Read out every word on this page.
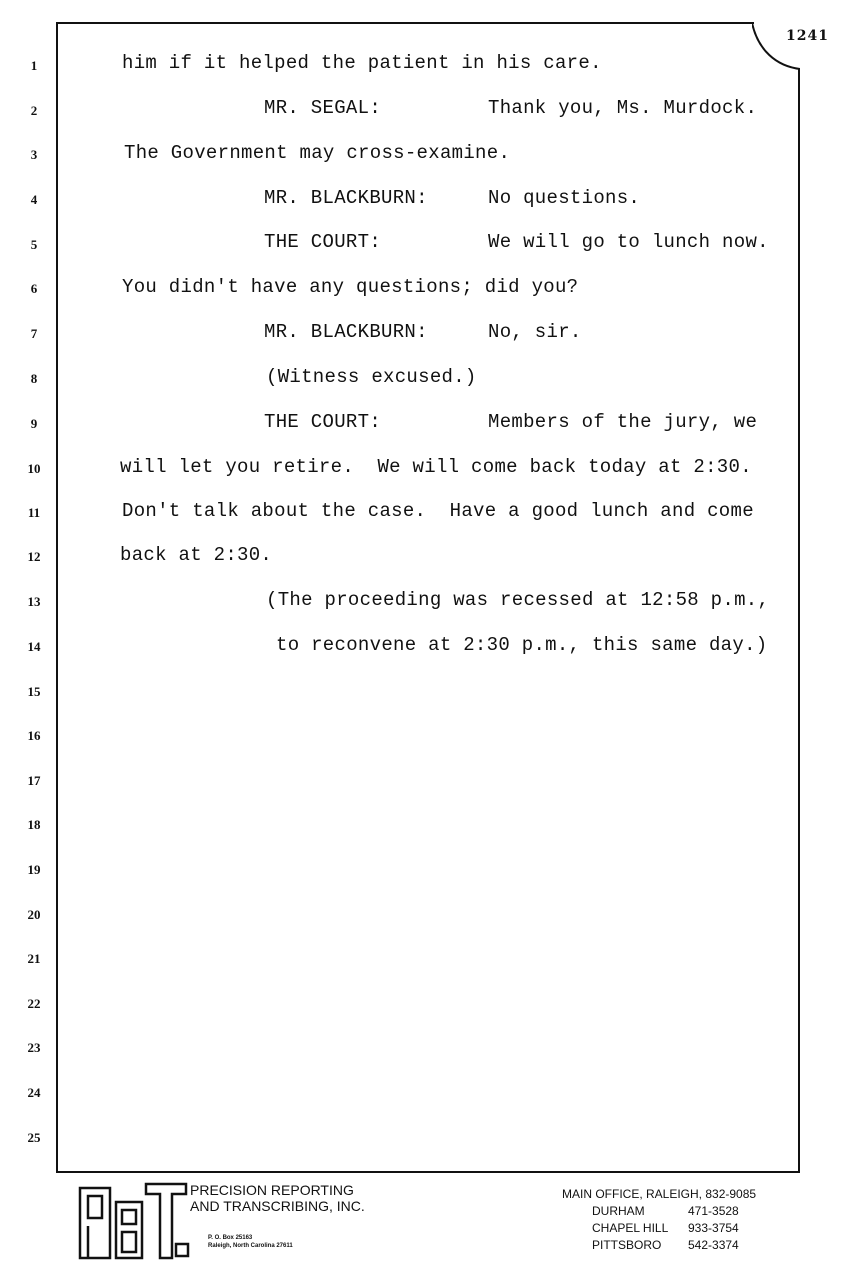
1241
1
2
3
4
5
6
7
8
9
10
11
12
13
14
15
16
17
18
19
20
21
22
23
24
25
him if it helped the patient in his care.
MR. SEGAL:	Thank you, Ms. Murdock.
The Government may cross-examine.
MR. BLACKBURN:	No questions.
THE COURT:	We will go to lunch now.
You didn't have any questions; did you?
MR. BLACKBURN:	No, sir.
(Witness excused.)
THE COURT:	Members of the jury, we
will let you retire.  We will come back today at 2:30.
Don't talk about the case.  Have a good lunch and come
back at 2:30.
(The proceeding was recessed at 12:58 p.m.,
to reconvene at 2:30 p.m., this same day.)
PRECISION REPORTING
AND TRANSCRIBING, INC.
P. O. Box 25163
Raleigh, North Carolina 27611
MAIN OFFICE, RALEIGH, 832-9085
DURHAM	471-3528
CHAPEL HILL 933-3754
PITTSBORO 542-3374
